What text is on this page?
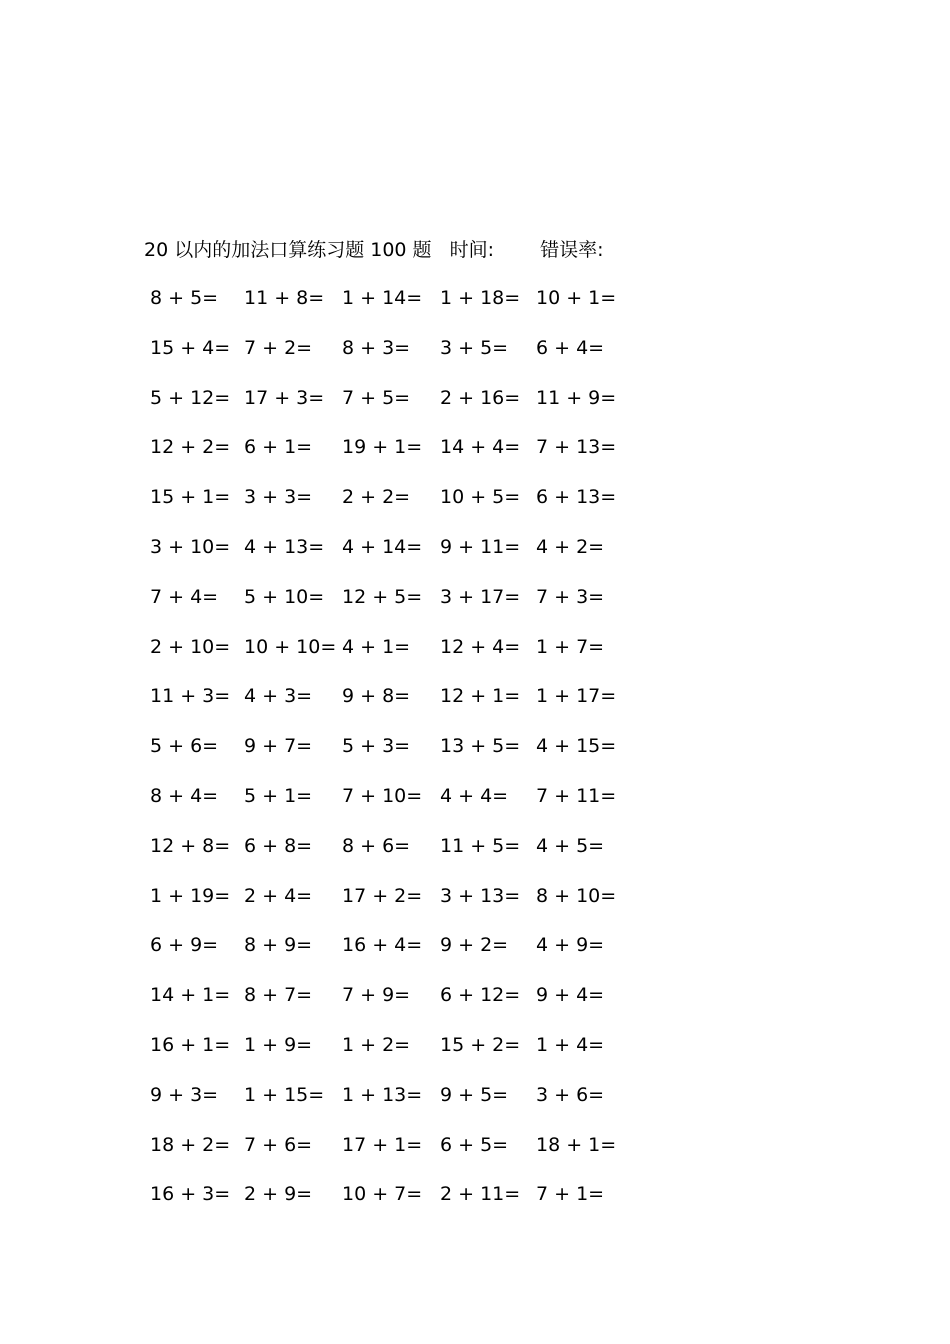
20 以内的加法口算练习题 100 题 时间: 错误率:
8 + 5= 11 + 8= 1 + 14= 1 + 18= 10 + 1=
15 + 4= 7 + 2= 8 + 3= 3 + 5= 6 + 4=
5 + 12= 17 + 3= 7 + 5= 2 + 16= 11 + 9=
12 + 2= 6 + 1= 19 + 1= 14 + 4= 7 + 13=
15 + 1= 3 + 3= 2 + 2= 10 + 5= 6 + 13=
3 + 10= 4 + 13= 4 + 14= 9 + 11= 4 + 2=
7 + 4= 5 + 10= 12 + 5= 3 + 17= 7 + 3=
2 + 10= 10 + 10= 4 + 1= 12 + 4= 1 + 7=
11 + 3= 4 + 3= 9 + 8= 12 + 1= 1 + 17=
5 + 6= 9 + 7= 5 + 3= 13 + 5= 4 + 15=
8 + 4= 5 + 1= 7 + 10= 4 + 4= 7 + 11=
12 + 8= 6 + 8= 8 + 6= 11 + 5= 4 + 5=
1 + 19= 2 + 4= 17 + 2= 3 + 13= 8 + 10=
6 + 9= 8 + 9= 16 + 4= 9 + 2= 4 + 9=
14 + 1= 8 + 7= 7 + 9= 6 + 12= 9 + 4=
16 + 1= 1 + 9= 1 + 2= 15 + 2= 1 + 4=
9 + 3= 1 + 15= 1 + 13= 9 + 5= 3 + 6=
18 + 2= 7 + 6= 17 + 1= 6 + 5= 18 + 1=
16 + 3= 2 + 9= 10 + 7= 2 + 11= 7 + 1=
